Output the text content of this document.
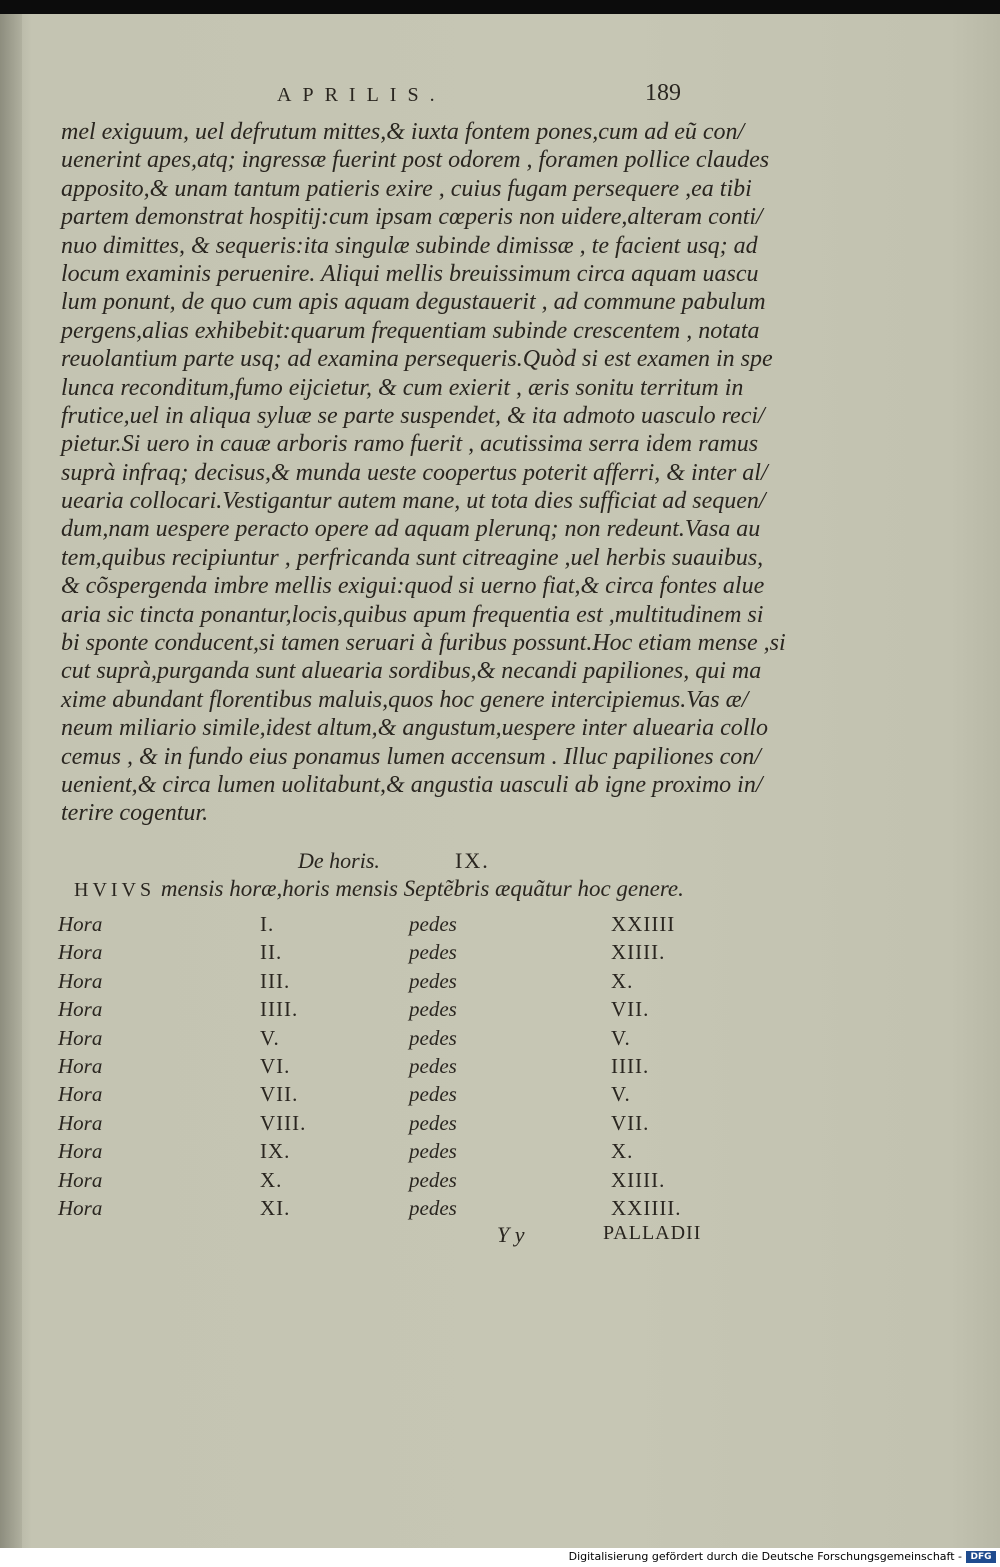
APRILIS.	189

mel exiguum, uel defrutum mittes,& iuxta fontem pones,cum ad eũ con/
uenerint apes,atq; ingressæ fuerint post odorem , foramen pollice claudes
apposito,& unam tantum patieris exire , cuius fugam persequere ,ea tibi
partem demonstrat hospitij:cum ipsam cœperis non uidere,alteram conti/
nuo dimittes, & sequeris:ita singulæ subinde dimissæ , te facient usq; ad
locum examinis peruenire. Aliqui mellis breuissimum circa aquam uascu
lum ponunt, de quo cum apis aquam degustauerit , ad commune pabulum
pergens,alias exhibebit:quarum frequentiam subinde crescentem , notata
reuolantium parte usq; ad examina persequeris.Quòd si est examen in spe
lunca reconditum,fumo eijcietur, & cum exierit , æris sonitu territum in
frutice,uel in aliqua syluæ se parte suspendet, & ita admoto uasculo reci/
pietur.Si uero in cauæ arboris ramo fuerit , acutissima serra idem ramus
suprà infraq; decisus,& munda ueste coopertus poterit afferri, & inter al/
uearia collocari.Vestigantur autem mane, ut tota dies sufficiat ad sequen/
dum,nam uespere peracto opere ad aquam plerunq; non redeunt.Vasa au
tem,quibus recipiuntur , perfricanda sunt citreagine ,uel herbis suauibus,
& cõspergenda imbre mellis exigui:quod si uerno fiat,& circa fontes alue
aria sic tincta ponantur,locis,quibus apum frequentia est ,multitudinem si
bi sponte conducent,si tamen seruari à furibus possunt.Hoc etiam mense ,si
cut suprà,purganda sunt aluearia sordibus,& necandi papiliones, qui ma
xime abundant florentibus maluis,quos hoc genere intercipiemus.Vas æ/
neum miliario simile,idest altum,& angustum,uespere inter aluearia collo
cemus , & in fundo eius ponamus lumen accensum . Illuc papiliones con/
uenient,& circa lumen uolitabunt,& angustia uasculi ab igne proximo in/
terire cogentur.

De horis.	IX.
HVIVS mensis horæ,horis mensis Septẽbris æquãtur hoc genere.
Hora	I.	pedes	XXIIII
Hora	II.	pedes	XIIII.
Hora	III.	pedes	X.
Hora	IIII.	pedes	VII.
Hora	V.	pedes	V.
Hora	VI.	pedes	IIII.
Hora	VII.	pedes	V.
Hora	VIII.	pedes	VII.
Hora	IX.	pedes	X.
Hora	X.	pedes	XIIII.
Hora	XI.	pedes	XXIIII.
Y y	PALLADII
Digitalisierung gefördert durch die Deutsche Forschungsgemeinschaft - DFG
